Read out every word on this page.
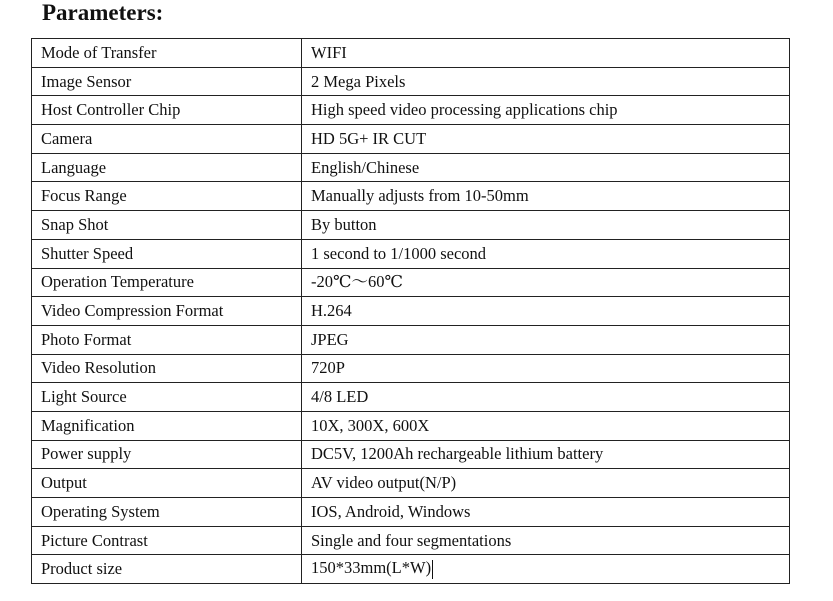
Parameters:
Mode of Transfer	WIFI
Image Sensor	2 Mega Pixels
Host Controller Chip	High speed video processing applications chip
Camera	HD 5G+ IR CUT
Language	English/Chinese
Focus Range	Manually adjusts from 10-50mm
Snap Shot	By button
Shutter Speed	1 second to 1/1000 second
Operation Temperature	-20℃～60℃
Video Compression Format	H.264
Photo Format	JPEG
Video Resolution	720P
Light Source	4/8 LED
Magnification	10X, 300X, 600X
Power supply	DC5V, 1200Ah rechargeable lithium battery
Output	AV video output(N/P)
Operating System	IOS, Android, Windows
Picture Contrast	Single and four segmentations
Product size	150*33mm(L*W)
